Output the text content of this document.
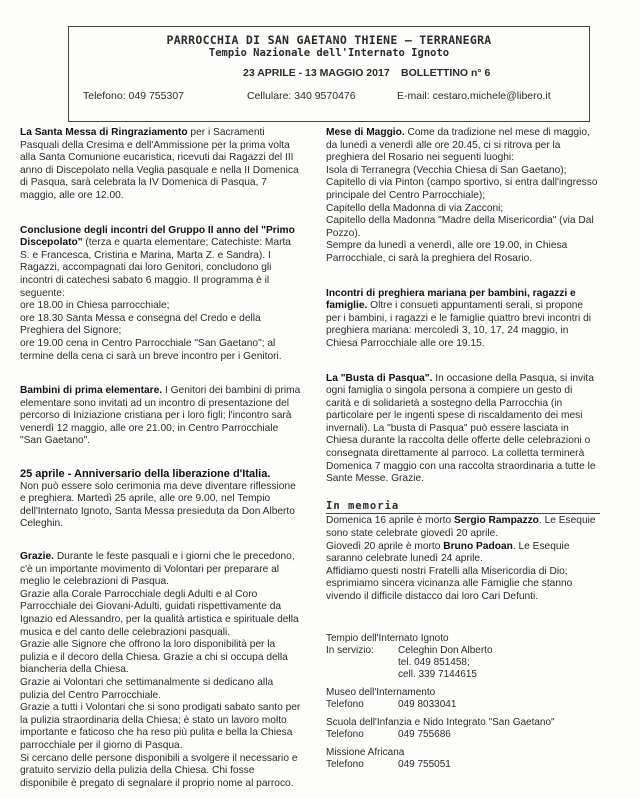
PARROCCHIA DI SAN GAETANO THIENE – TERRANEGRA
Tempio Nazionale dell'Internato Ignoto
23 APRILE - 13 MAGGIO 2017 BOLLETTINO n° 6
Telefono: 049 755307	Cellulare: 340 9570476	E-mail: cestaro.michele@libero.it

La Santa Messa di Ringraziamento per i Sacramenti Pasquali della Cresima e dell'Ammissione per la prima volta alla Santa Comunione eucaristica, ricevuti dai Ragazzi del III anno di Discepolato nella Veglia pasquale e nella II Domenica di Pasqua, sarà celebrata la IV Domenica di Pasqua, 7 maggio, alle ore 12.00.

Conclusione degli incontri del Gruppo II anno del "Primo Discepolato" (terza e quarta elementare; Catechiste: Marta S. e Francesca, Cristina e Marina, Marta Z. e Sandra). I Ragazzi, accompagnati dai loro Genitori, concludono gli incontri di catechesi sabato 6 maggio. Il programma è il seguente:

ore 18.00 in Chiesa parrocchiale;

ore 18.30 Santa Messa e consegna del Credo e della Preghiera del Signore;

ore 19.00 cena in Centro Parrocchiale "San Gaetano"; al termine della cena ci sarà un breve incontro per i Genitori.

Bambini di prima elementare. I Genitori dei bambini di prima elementare sono invitati ad un incontro di presentazione del percorso di Iniziazione cristiana per i loro figli; l'incontro sarà venerdì 12 maggio, alle ore 21.00, in Centro Parrocchiale "San Gaetano".

25 aprile - Anniversario della liberazione d'Italia.

Non può essere solo cerimonia ma deve diventare riflessione e preghiera. Martedì 25 aprile, alle ore 9.00, nel Tempio dell'Internato Ignoto, Santa Messa presieduta da Don Alberto Celeghin.

Grazie. Durante le feste pasquali e i giorni che le precedono, c'è un importante movimento di Volontari per preparare al meglio le celebrazioni di Pasqua.

Grazie alla Corale Parrocchiale degli Adulti e al Coro Parrocchiale dei Giovani-Adulti, guidati rispettivamente da Ignazio ed Alessandro, per la qualità artistica e spirituale della musica e del canto delle celebrazioni pasquali.

Grazie alle Signore che offrono la loro disponibilità per la pulizia e il decoro della Chiesa. Grazie a chi si occupa della biancheria della Chiesa.

Grazie ai Volontari che settimanalmente si dedicano alla pulizia del Centro Parrocchiale.

Grazie a tutti i Volontari che si sono prodigati sabato santo per la pulizia straordinaria della Chiesa; è stato un lavoro molto importante e faticoso che ha reso più pulita e bella la Chiesa parrocchiale per il giorno di Pasqua.

Si cercano delle persone disponibili a svolgere il necessario e gratuito servizio della pulizia della Chiesa. Chi fosse disponibile è pregato di segnalare il proprio nome al parroco.

Mese di Maggio. Come da tradizione nel mese di maggio, da lunedì a venerdì alle ore 20.45, ci si ritrova per la preghiera del Rosario nei seguenti luoghi:

Isola di Terranegra (Vecchia Chiesa di San Gaetano);

Capitello di via Pinton (campo sportivo, si entra dall'ingresso principale del Centro Parrocchiale);

Capitello della Madonna di via Zacconi;

Capitello della Madonna "Madre della Misericordia" (via Dal Pozzo).

Sempre da lunedì a venerdì, alle ore 19.00, in Chiesa Parrocchiale, ci sarà la preghiera del Rosario.

Incontri di preghiera mariana per bambini, ragazzi e famiglie. Oltre i consueti appuntamenti serali, si propone per i bambini, i ragazzi e le famiglie quattro brevi incontri di preghiera mariana: mercoledì 3, 10, 17, 24 maggio, in Chiesa Parrocchiale alle ore 19.15.

La "Busta di Pasqua". In occasione della Pasqua, si invita ogni famiglia o singola persona a compiere un gesto di carità e di solidarietà a sostegno della Parrocchia (in particolare per le ingenti spese di riscaldamento dei mesi invernali). La "busta di Pasqua" può essere lasciata in Chiesa durante la raccolta delle offerte delle celebrazioni o consegnata direttamente al parroco. La colletta terminerà Domenica 7 maggio con una raccolta straordinaria a tutte le Sante Messe. Grazie.

In memoria

Domenica 16 aprile è morto Sergio Rampazzo. Le Esequie sono state celebrate giovedì 20 aprile.

Giovedì 20 aprile è morto Bruno Padoan. Le Esequie saranno celebrate lunedì 24 aprile.

Affidiamo questi nostri Fratelli alla Misericordia di Dio; esprimiamo sincera vicinanza alle Famiglie che stanno vivendo il difficile distacco dai loro Cari Defunti.

Tempio dell'Internato Ignoto
In servizio:	Celeghin Don Alberto
tel. 049 851458;
cell. 339 7144615
Museo dell'Internamento
Telefono	049 8033041
Scuola dell'Infanzia e Nido Integrato "San Gaetano"
Telefono	049 755686
Missione Africana
Telefono	049 755051
